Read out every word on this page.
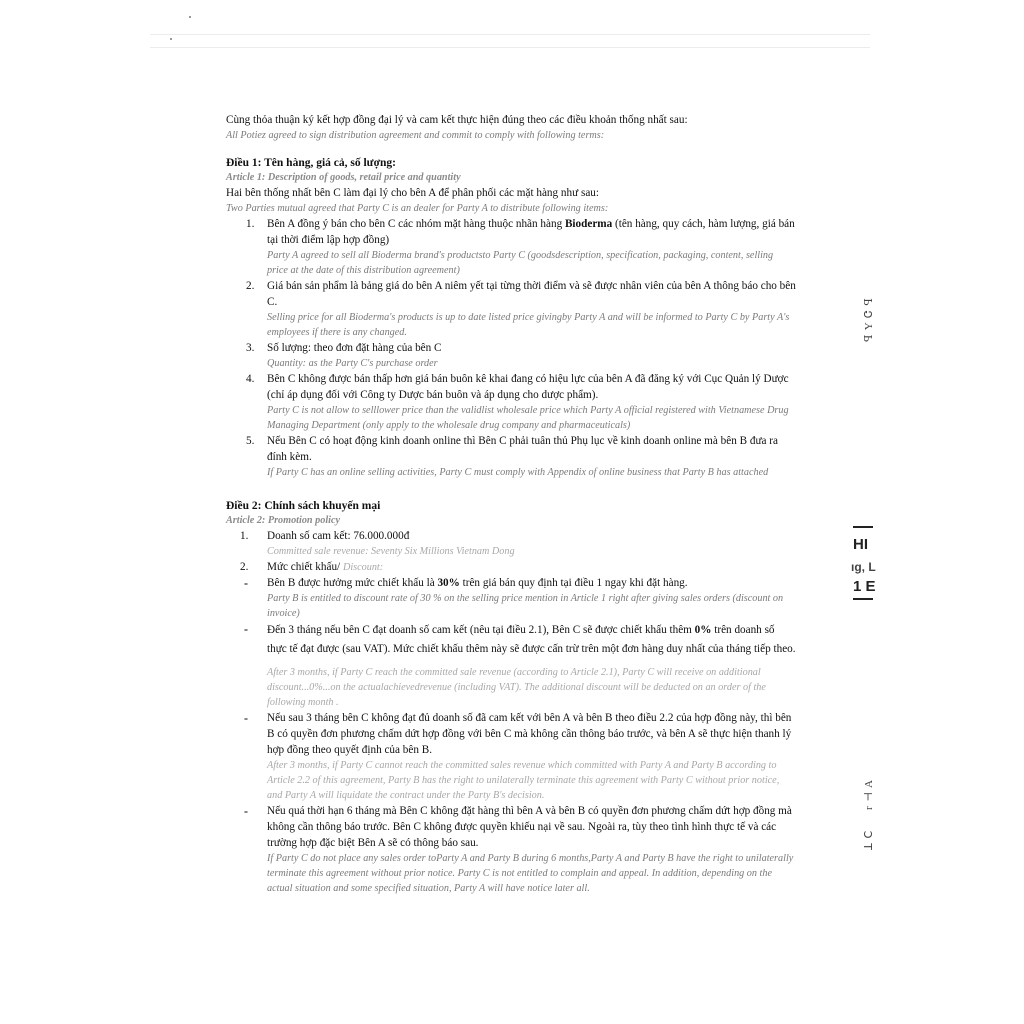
Cùng thỏa thuận ký kết hợp đồng đại lý và cam kết thực hiện đúng theo các điều khoản thống nhất sau:

All Potiez agreed to sign distribution agreement and commit to comply with following terms:

Điều 1: Tên hàng, giá cả, số lượng:

Article 1: Description of goods, retail price and quantity

Hai bên thống nhất bên C làm đại lý cho bên A để phân phối các mặt hàng như sau:

Two Parties mutual agreed that Party C is an dealer for Party A to distribute following items:

1. Bên A đồng ý bán cho bên C các nhóm mặt hàng thuộc nhãn hàng Bioderma (tên hàng, quy cách, hàm lượng, giá bán tại thời điểm lập hợp đồng)

Party A agreed to sell all Bioderma brand's productsto Party C (goodsdescription, specification, packaging, content, selling price at the date of this distribution agreement)

2. Giá bán sản phẩm là bảng giá do bên A niêm yết tại từng thời điểm và sẽ được nhân viên của bên A thông báo cho bên C.

Selling price for all Bioderma's products is up to date listed price givingby Party A and will be informed to Party C by Party A's employees if there is any changed.

3. Số lượng: theo đơn đặt hàng của bên C

Quantity: as the Party C's purchase order

4. Bên C không được bán thấp hơn giá bán buôn kê khai đang có hiệu lực của bên A đã đăng ký với Cục Quản lý Dược (chỉ áp dụng đối với Công ty Dược bán buôn và áp dụng cho dược phẩm).

Party C is not allow to selllower price than the validlist wholesale price which Party A official registered with Vietnamese Drug Managing Department (only apply to the wholesale drug company and pharmaceuticals)

5. Nếu Bên C có hoạt động kinh doanh online thì Bên C phải tuân thủ Phụ lục về kinh doanh online mà bên B đưa ra đính kèm.

If Party C has an online selling activities, Party C must comply with Appendix of online business that Party B has attached

Điều 2: Chính sách khuyến mại

Article 2: Promotion policy

1. Doanh số cam kết: 76.000.000đ

Committed sale revenue: Seventy Six Millions Vietnam Dong

2. Mức chiết khấu/ Discount:

- Bên B được hưởng mức chiết khấu là 30% trên giá bán quy định tại điều 1 ngay khi đặt hàng.

Party B is entitled to discount rate of 30 % on the selling price mention in Article 1 right after giving sales orders (discount on invoice)

- Đến 3 tháng nếu bên C đạt doanh số cam kết (nêu tại điều 2.1), Bên C sẽ được chiết khấu thêm 0% trên doanh số thực tế đạt được (sau VAT). Mức chiết khấu thêm này sẽ được cấn trừ trên một đơn hàng duy nhất của tháng tiếp theo.

After 3 months, if Party C reach the committed sale revenue (according to Article 2.1), Party C will receive on additional discount...0%...on the actualachievedrevenue (including VAT). The additional discount will be deducted on an order of the following month .

- Nếu sau 3 tháng bên C không đạt đủ doanh số đã cam kết với bên A và bên B theo điều 2.2 của hợp đồng này, thì bên B có quyền đơn phương chấm dứt hợp đồng với bên C mà không cần thông báo trước, và bên A sẽ thực hiện thanh lý hợp đồng theo quyết định của bên B.

After 3 months, if Party C cannot reach the committed sales revenue which committed with Party A and Party B according to Article 2.2 of this agreement, Party B has the right to unilaterally terminate this agreement with Party C without prior notice, and Party A will liquidate the contract under the Party B's decision.

- Nếu quá thời hạn 6 tháng mà Bên C không đặt hàng thì bên A và bên B có quyền đơn phương chấm dứt hợp đồng mà không cần thông báo trước. Bên C không được quyền khiếu nại về sau. Ngoài ra, tùy theo tình hình thực tế và các trường hợp đặc biệt Bên A sẽ có thông báo sau.

If Party C do not place any sales order toParty A and Party B during 6 months,Party A and Party B have the right to unilaterally terminate this agreement without prior notice. Party C is not entitled to complain and appeal. In addition, depending on the actual situation and some specified situation, Party A will have notice later all.

ꟼ Y Ꮳ ꟼ
HI
ıg, L
1 E
r ⊣ A
ꓕ ꓚ
